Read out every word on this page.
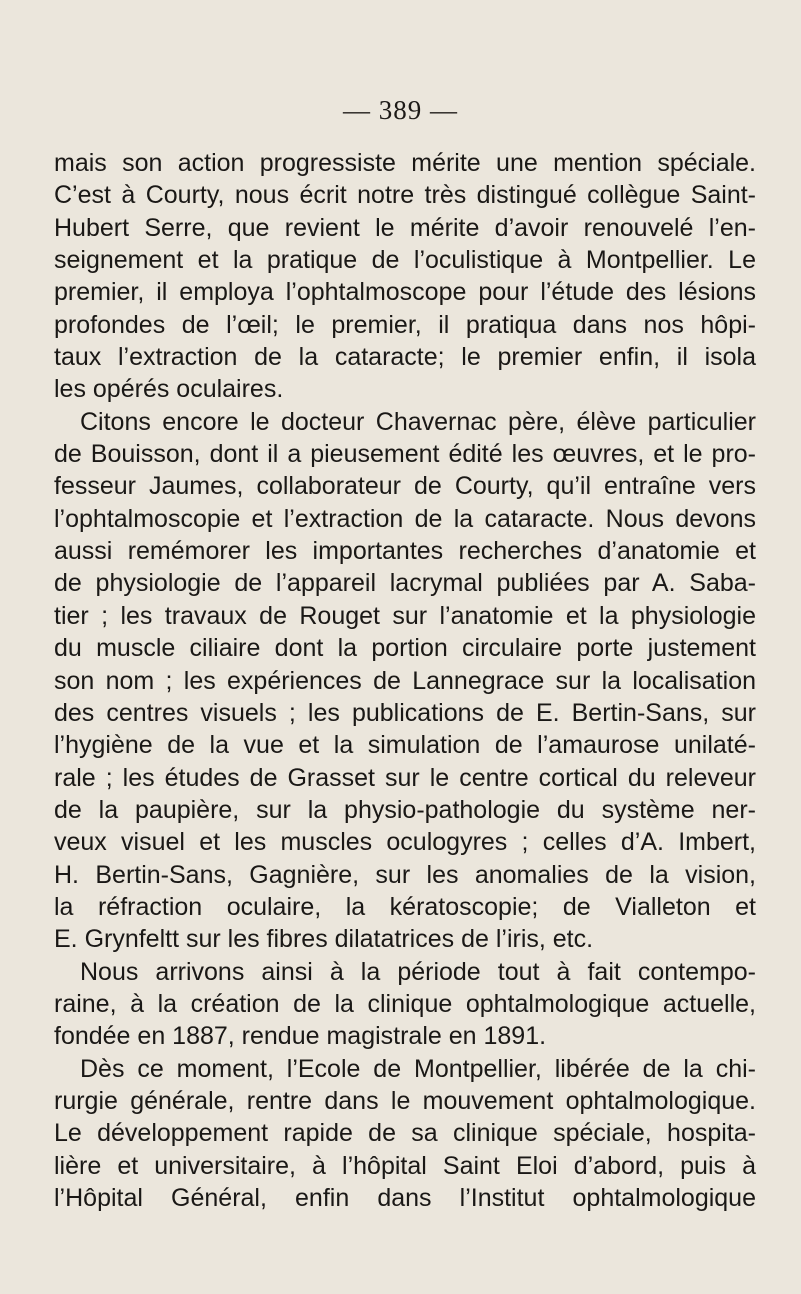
— 389 —
mais son action progressiste mérite une mention spéciale.
C’est à Courty, nous écrit notre très distingué collègue Saint-
Hubert Serre, que revient le mérite d’avoir renouvelé l’en-
seignement et la pratique de l’oculistique à Montpellier. Le
premier, il employa l’ophtalmoscope pour l’étude des lésions
profondes de l’œil; le premier, il pratiqua dans nos hôpi-
taux l’extraction de la cataracte; le premier enfin, il isola
les opérés oculaires.
Citons encore le docteur Chavernac père, élève particulier
de Bouisson, dont il a pieusement édité les œuvres, et le pro-
fesseur Jaumes, collaborateur de Courty, qu’il entraîne vers
l’ophtalmoscopie et l’extraction de la cataracte. Nous devons
aussi remémorer les importantes recherches d’anatomie et
de physiologie de l’appareil lacrymal publiées par A. Saba-
tier ; les travaux de Rouget sur l’anatomie et la physiologie
du muscle ciliaire dont la portion circulaire porte justement
son nom ; les expériences de Lannegrace sur la localisation
des centres visuels ; les publications de E. Bertin-Sans, sur
l’hygiène de la vue et la simulation de l’amaurose unilaté-
rale ; les études de Grasset sur le centre cortical du releveur
de la paupière, sur la physio-pathologie du système ner-
veux visuel et les muscles oculogyres ; celles d’A. Imbert,
H. Bertin-Sans, Gagnière, sur les anomalies de la vision,
la réfraction oculaire, la kératoscopie; de Vialleton et
E. Grynfeltt sur les fibres dilatatrices de l’iris, etc.
Nous arrivons ainsi à la période tout à fait contempo-
raine, à la création de la clinique ophtalmologique actuelle,
fondée en 1887, rendue magistrale en 1891.
Dès ce moment, l’Ecole de Montpellier, libérée de la chi-
rurgie générale, rentre dans le mouvement ophtalmologique.
Le développement rapide de sa clinique spéciale, hospita-
lière et universitaire, à l’hôpital Saint Eloi d’abord, puis à
l’Hôpital Général, enfin dans l’Institut ophtalmologique
